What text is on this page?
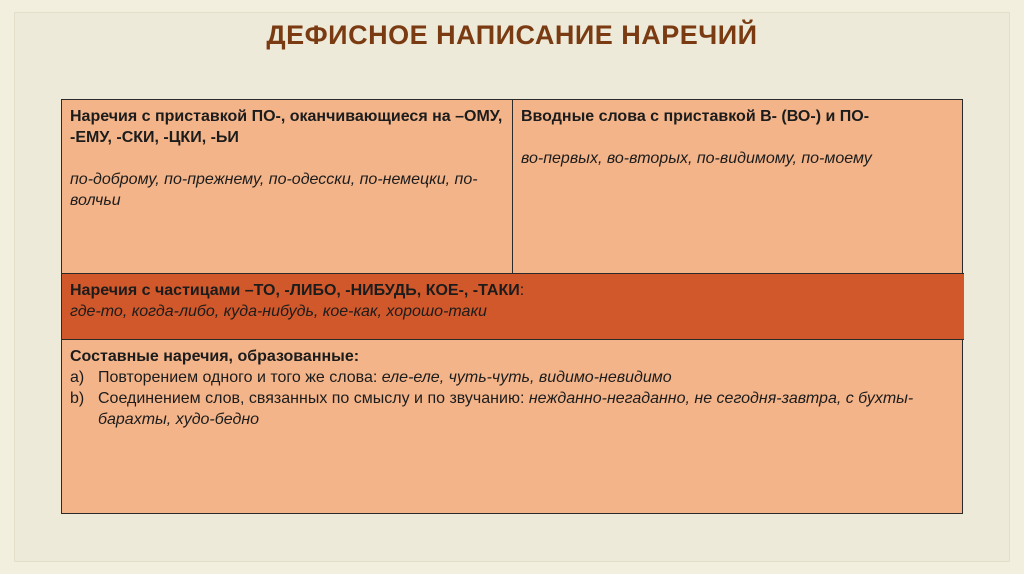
ДЕФИСНОЕ НАПИСАНИЕ НАРЕЧИЙ
Наречия с приставкой ПО-, оканчивающиеся на –ОМУ, -ЕМУ, -СКИ, -ЦКИ, -ЬИ
по-доброму, по-прежнему, по-одесски, по-немецки, по-волчьи
Вводные слова с приставкой В- (ВО-) и ПО-
во-первых, во-вторых, по-видимому, по-моему
Наречия с частицами –ТО, -ЛИБО, -НИБУДЬ, КОЕ-, -ТАКИ:
где-то, когда-либо, куда-нибудь, кое-как, хорошо-таки
Составные наречия, образованные:
a) Повторением одного и того же слова: еле-еле, чуть-чуть, видимо-невидимо
b) Соединением слов, связанных по смыслу и по звучанию: нежданно-негаданно, не сегодня-завтра, с бухты-барахты, худо-бедно
